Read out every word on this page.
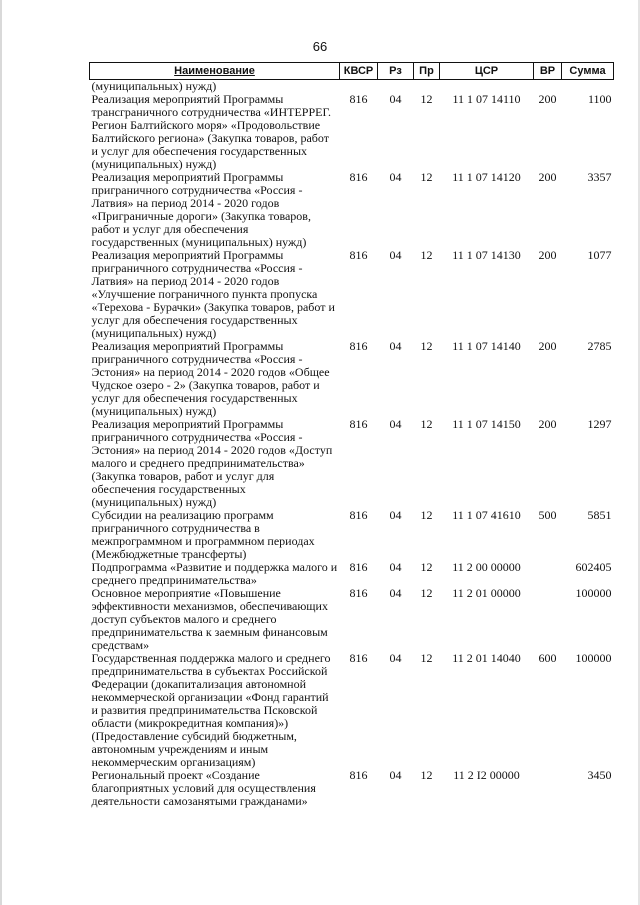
66
Наименование	КВСР	Рз	Пр	ЦСР	ВР	Сумма
(муниципальных) нужд)						
Реализация мероприятий Программы трансграничного сотрудничества «ИНТЕРРЕГ. Регион Балтийского моря» «Продовольствие Балтийского региона» (Закупка товаров, работ и услуг для обеспечения государственных (муниципальных) нужд)	816	04	12	11 1 07 14110	200	1100
Реализация мероприятий Программы приграничного сотрудничества «Россия - Латвия» на период 2014 - 2020 годов «Приграничные дороги» (Закупка товаров, работ и услуг для обеспечения государственных (муниципальных) нужд)	816	04	12	11 1 07 14120	200	3357
Реализация мероприятий Программы приграничного сотрудничества «Россия - Латвия» на период 2014 - 2020 годов «Улучшение пограничного пункта пропуска «Терехова - Бурачки» (Закупка товаров, работ и услуг для обеспечения государственных (муниципальных) нужд)	816	04	12	11 1 07 14130	200	1077
Реализация мероприятий Программы приграничного сотрудничества «Россия - Эстония» на период 2014 - 2020 годов «Общее Чудское озеро - 2» (Закупка товаров, работ и услуг для обеспечения государственных (муниципальных) нужд)	816	04	12	11 1 07 14140	200	2785
Реализация мероприятий Программы приграничного сотрудничества «Россия - Эстония» на период 2014 - 2020 годов «Доступ малого и среднего предпринимательства» (Закупка товаров, работ и услуг для обеспечения государственных (муниципальных) нужд)	816	04	12	11 1 07 14150	200	1297
Субсидии на реализацию программ приграничного сотрудничества в межпрограммном и программном периодах (Межбюджетные трансферты)	816	04	12	11 1 07 41610	500	5851
Подпрограмма «Развитие и поддержка малого и среднего предпринимательства»	816	04	12	11 2 00 00000		602405
Основное мероприятие «Повышение эффективности механизмов, обеспечивающих доступ субъектов малого и среднего предпринимательства к заемным финансовым средствам»	816	04	12	11 2 01 00000		100000
Государственная поддержка малого и среднего предпринимательства в субъектах Российской Федерации (докапитализация автономной некоммерческой организации «Фонд гарантий и развития предпринимательства Псковской области (микрокредитная компания)») (Предоставление субсидий бюджетным, автономным учреждениям и иным некоммерческим организациям)	816	04	12	11 2 01 14040	600	100000
Региональный проект «Создание благоприятных условий для осуществления деятельности самозанятыми гражданами»	816	04	12	11 2 I2 00000		3450
